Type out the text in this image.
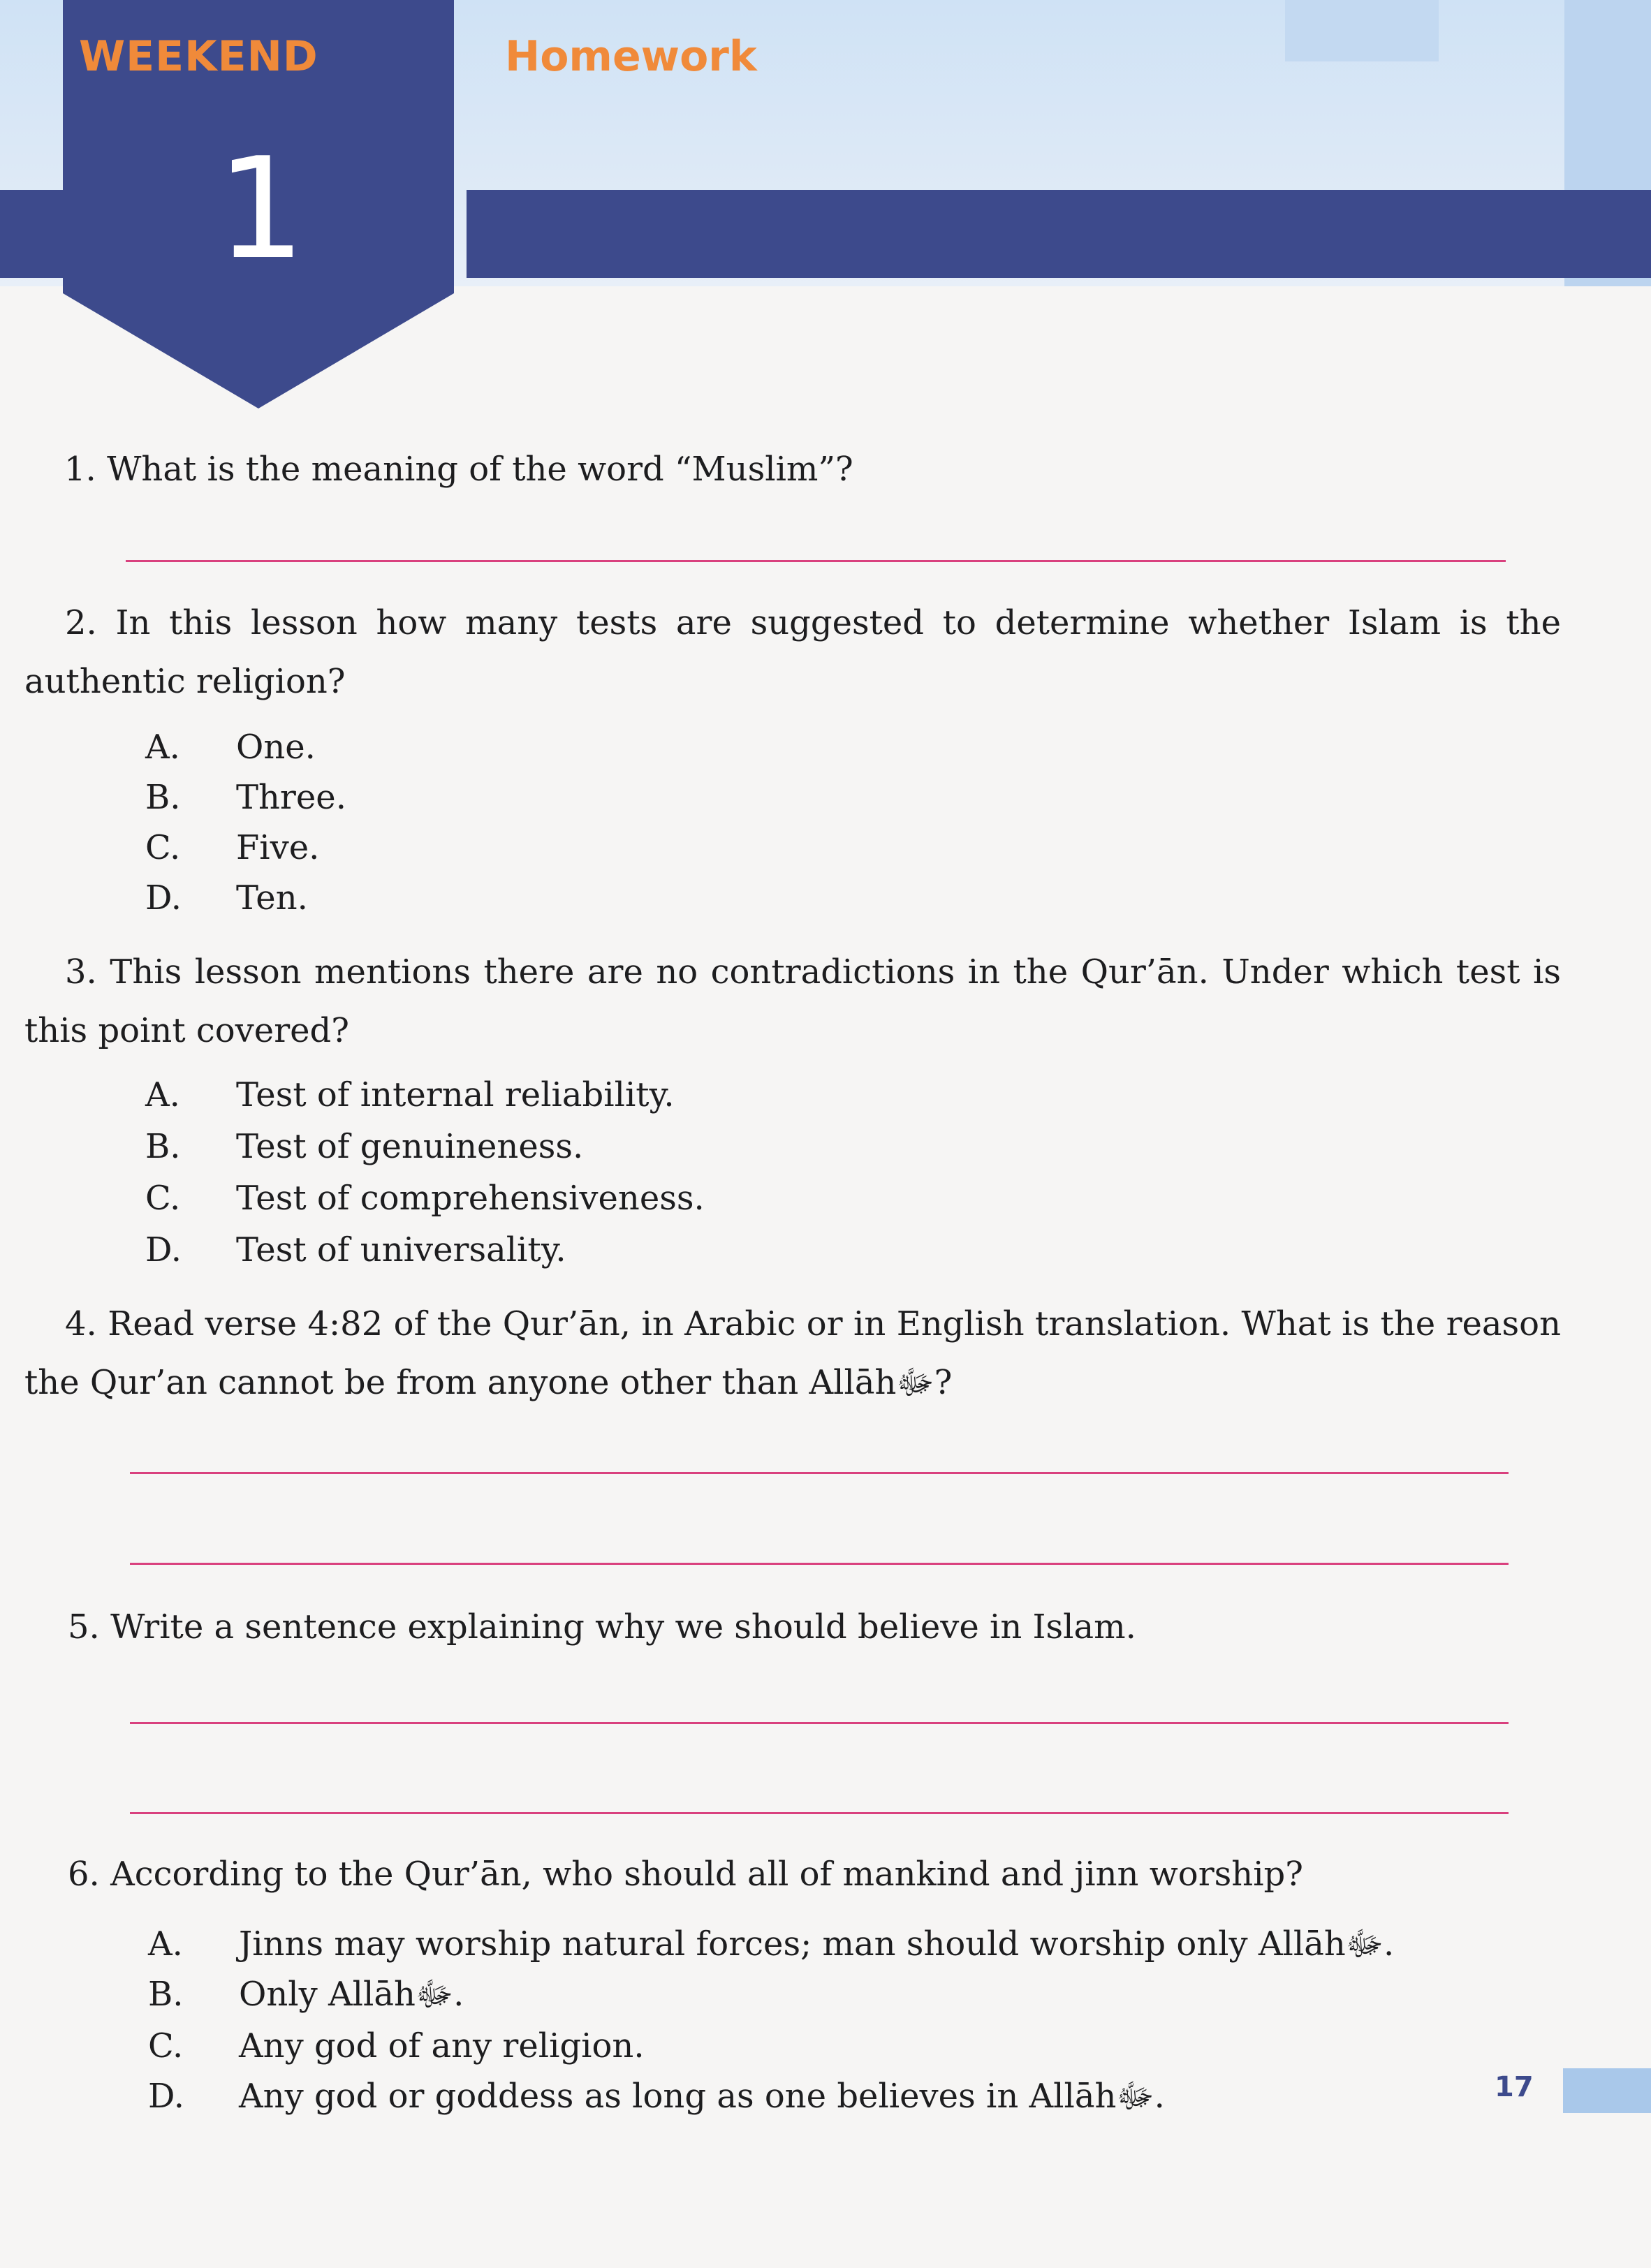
WEEKEND
1
Homework
1. What is the meaning of the word “Muslim”?
2. In this lesson how many tests are suggested to determine whether Islam is the authentic religion?
A. One.
B. Three.
C. Five.
D. Ten.
3. This lesson mentions there are no contradictions in the Qur’ān. Under which test is this point covered?
A. Test of internal reliability.
B. Test of genuineness.
C. Test of comprehensiveness.
D. Test of universality.
4. Read verse 4:82 of the Qur’ān, in Arabic or in English translation. What is the reason the Qur’an cannot be from anyone other than Allāhﷻ?
5. Write a sentence explaining why we should believe in Islam.
6. According to the Qur’ān, who should all of mankind and jinn worship?
A. Jinns may worship natural forces; man should worship only Allāhﷻ.
B. Only Allāhﷻ.
C. Any god of any religion.
D. Any god or goddess as long as one believes in Allāhﷻ.	17
